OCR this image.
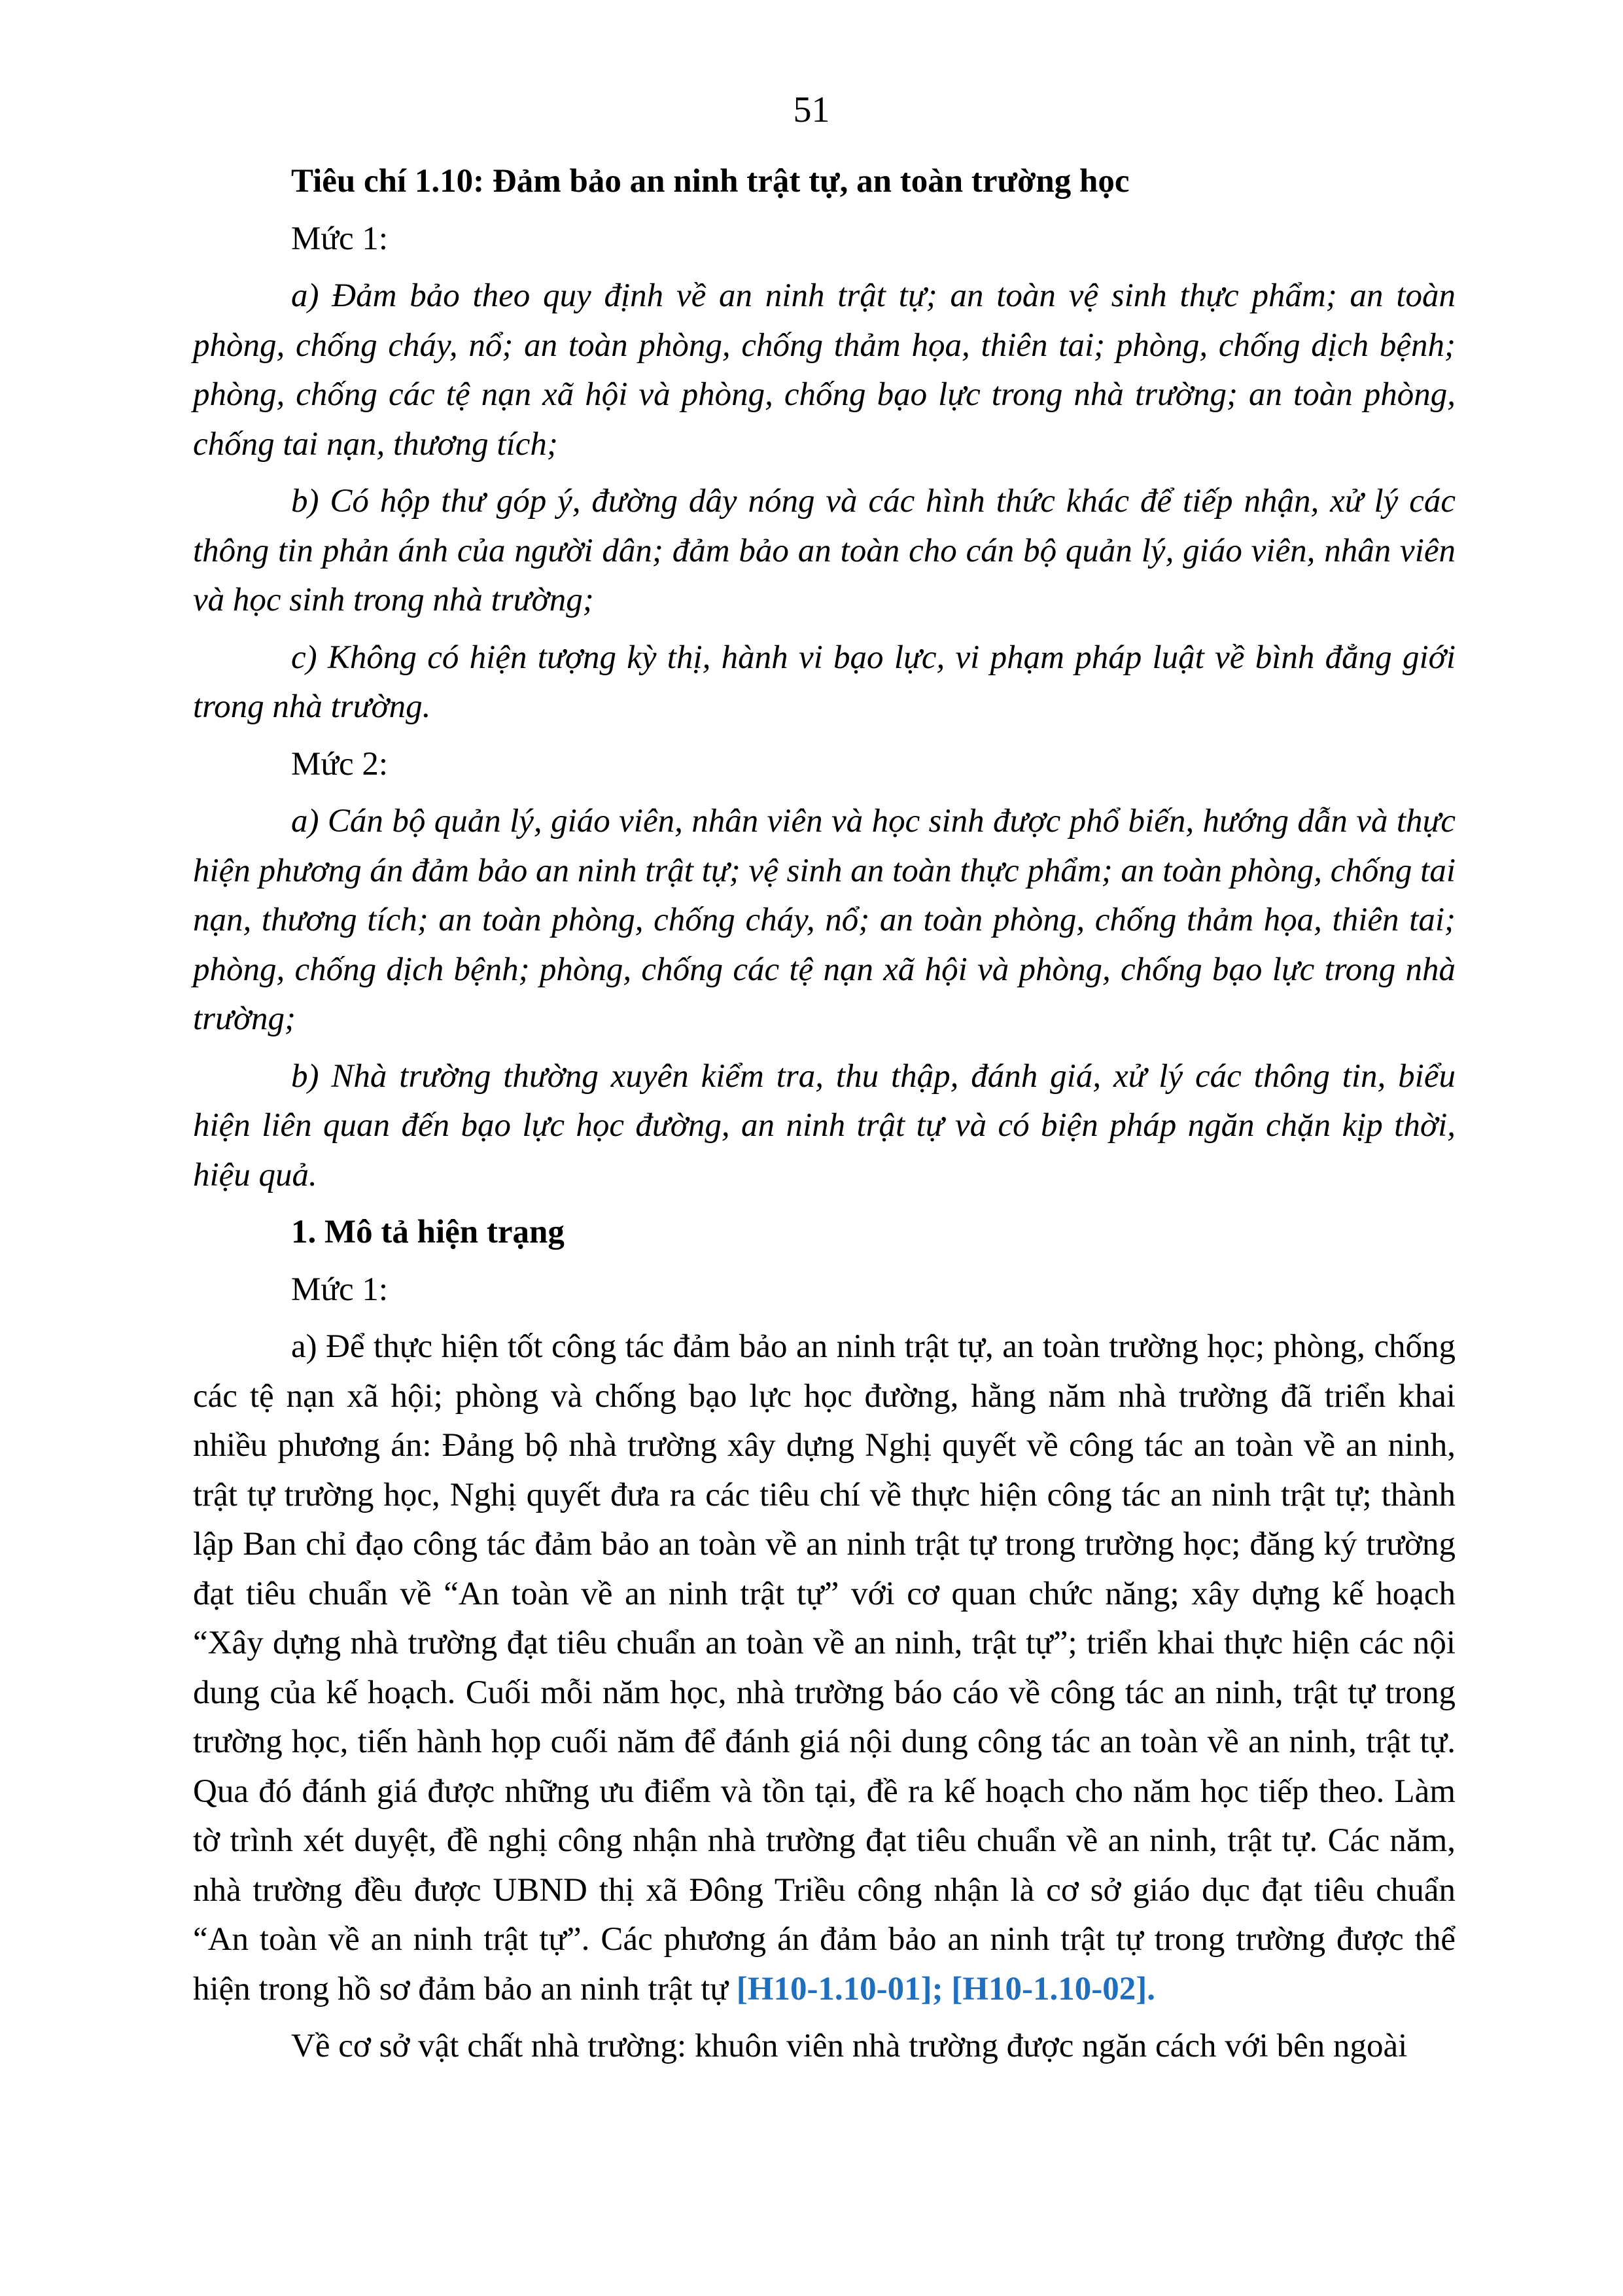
51

Tiêu chí 1.10: Đảm bảo an ninh trật tự, an toàn trường học

Mức 1:

a) Đảm bảo theo quy định về an ninh trật tự; an toàn vệ sinh thực phẩm; an toàn phòng, chống cháy, nổ; an toàn phòng, chống thảm họa, thiên tai; phòng, chống dịch bệnh; phòng, chống các tệ nạn xã hội và phòng, chống bạo lực trong nhà trường; an toàn phòng, chống tai nạn, thương tích;

b) Có hộp thư góp ý, đường dây nóng và các hình thức khác để tiếp nhận, xử lý các thông tin phản ánh của người dân; đảm bảo an toàn cho cán bộ quản lý, giáo viên, nhân viên và học sinh trong nhà trường;

c) Không có hiện tượng kỳ thị, hành vi bạo lực, vi phạm pháp luật về bình đẳng giới trong nhà trường.

Mức 2:

a) Cán bộ quản lý, giáo viên, nhân viên và học sinh được phổ biến, hướng dẫn và thực hiện phương án đảm bảo an ninh trật tự; vệ sinh an toàn thực phẩm; an toàn phòng, chống tai nạn, thương tích; an toàn phòng, chống cháy, nổ; an toàn phòng, chống thảm họa, thiên tai; phòng, chống dịch bệnh; phòng, chống các tệ nạn xã hội và phòng, chống bạo lực trong nhà trường;

b) Nhà trường thường xuyên kiểm tra, thu thập, đánh giá, xử lý các thông tin, biểu hiện liên quan đến bạo lực học đường, an ninh trật tự và có biện pháp ngăn chặn kịp thời, hiệu quả.

1. Mô tả hiện trạng

Mức 1:

a) Để thực hiện tốt công tác đảm bảo an ninh trật tự, an toàn trường học; phòng, chống các tệ nạn xã hội; phòng và chống bạo lực học đường, hằng năm nhà trường đã triển khai nhiều phương án: Đảng bộ nhà trường xây dựng Nghị quyết về công tác an toàn về an ninh, trật tự trường học, Nghị quyết đưa ra các tiêu chí về thực hiện công tác an ninh trật tự; thành lập Ban chỉ đạo công tác đảm bảo an toàn về an ninh trật tự trong trường học; đăng ký trường đạt tiêu chuẩn về “An toàn về an ninh trật tự” với cơ quan chức năng; xây dựng kế hoạch “Xây dựng nhà trường đạt tiêu chuẩn an toàn về an ninh, trật tự”; triển khai thực hiện các nội dung của kế hoạch. Cuối mỗi năm học, nhà trường báo cáo về công tác an ninh, trật tự trong trường học, tiến hành họp cuối năm để đánh giá nội dung công tác an toàn về an ninh, trật tự. Qua đó đánh giá được những ưu điểm và tồn tại, đề ra kế hoạch cho năm học tiếp theo. Làm tờ trình xét duyệt, đề nghị công nhận nhà trường đạt tiêu chuẩn về an ninh, trật tự. Các năm, nhà trường đều được UBND thị xã Đông Triều công nhận là cơ sở giáo dục đạt tiêu chuẩn “An toàn về an ninh trật tự”. Các phương án đảm bảo an ninh trật tự trong trường được thể hiện trong hồ sơ đảm bảo an ninh trật tự [H10-1.10-01]; [H10-1.10-02].

Về cơ sở vật chất nhà trường: khuôn viên nhà trường được ngăn cách với bên ngoài
